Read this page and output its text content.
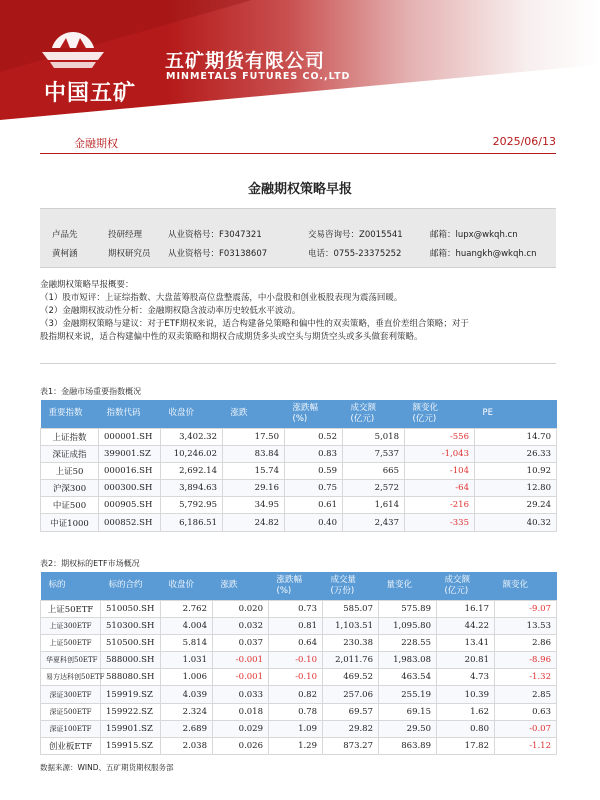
中国五矿
五矿期货有限公司
MINMETALS FUTURES CO.,LTD
金融期权	2025/06/13
金融期权策略早报
卢品先	投研经理	从业资格号：F3047321	交易咨询号：Z0015541	邮箱：lupx@wkqh.cn
黄柯涵	期权研究员 从业资格号：F03138607	电话：0755-23375252	邮箱：huangkh@wkqh.cn

金融期权策略早报概要：

（1）股市短评：上证综指数、大盘蓝筹股高位盘整震荡，中小盘股和创业板股表现为震荡回暖。

（2）金融期权波动性分析：金融期权隐含波动率历史较低水平波动。

（3）金融期权策略与建议：对于ETF期权来说，适合构建备兑策略和偏中性的双卖策略，垂直价差组合策略；对于

股指期权来说，适合构建偏中性的双卖策略和期权合成期货多头或空头与期货空头或多头做套利策略。

表1：金融市场重要指数概况
重要指数	指数代码	收盘价	涨跌	涨跌幅
(%)	成交额
(亿元)	额变化
(亿元)	PE
上证指数	000001.SH	3,402.32	17.50	0.52	5,018	-556	14.70
深证成指	399001.SZ	10,246.02	83.84	0.83	7,537	-1,043	26.33
上证50	000016.SH	2,692.14	15.74	0.59	665	-104	10.92
沪深300	000300.SH	3,894.63	29.16	0.75	2,572	-64	12.80
中证500	000905.SH	5,792.95	34.95	0.61	1,614	-216	29.24
中证1000	000852.SH	6,186.51	24.82	0.40	2,437	-335	40.32
表2：期权标的ETF市场概况
标的	标的合约	收盘价	涨跌	涨跌幅
(%)	成交量
(万份)	量变化	成交额
(亿元)	额变化
上证50ETF	510050.SH	2.762	0.020	0.73	585.07	575.89	16.17	-9.07
上证300ETF	510300.SH	4.004	0.032	0.81	1,103.51	1,095.80	44.22	13.53
上证500ETF	510500.SH	5.814	0.037	0.64	230.38	228.55	13.41	2.86
华夏科创50ETF	588000.SH	1.031	-0.001	-0.10	2,011.76	1,983.08	20.81	-8.96
易方达科创50ETF	588080.SH	1.006	-0.001	-0.10	469.52	463.54	4.73	-1.32
深证300ETF	159919.SZ	4.039	0.033	0.82	257.06	255.19	10.39	2.85
深证500ETF	159922.SZ	2.324	0.018	0.78	69.57	69.15	1.62	0.63
深证100ETF	159901.SZ	2.689	0.029	1.09	29.82	29.50	0.80	-0.07
创业板ETF	159915.SZ	2.038	0.026	1.29	873.27	863.89	17.82	-1.12
数据来源：WIND、五矿期货期权服务部
